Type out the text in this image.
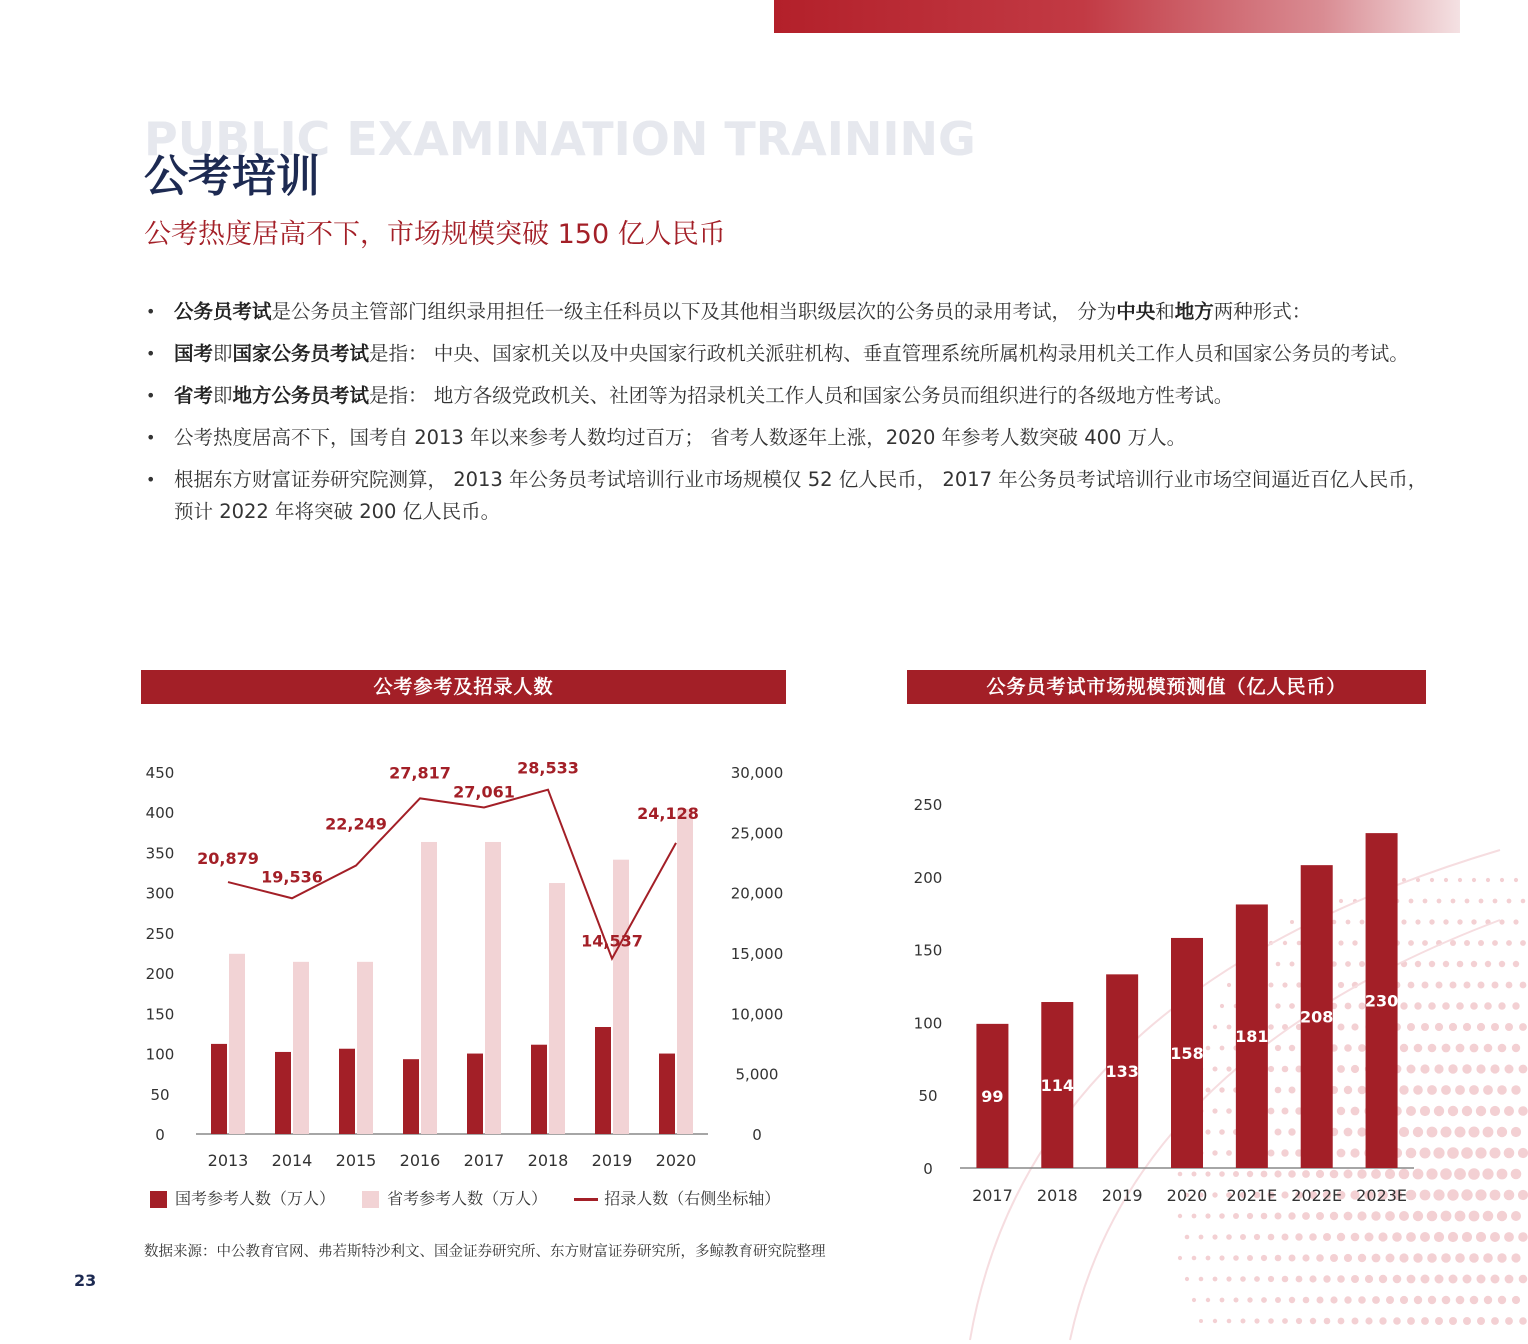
PUBLIC EXAMINATION TRAINING
公考培训
公考热度居高不下，市场规模突破 150 亿人民币
• 公务员考试是公务员主管部门组织录用担任一级主任科员以下及其他相当职级层次的公务员的录用考试， 分为中央和地方两种形式：
• 国考即国家公务员考试是指： 中央、国家机关以及中央国家行政机关派驻机构、垂直管理系统所属机构录用机关工作人员和国家公务员的考试。
• 省考即地方公务员考试是指： 地方各级党政机关、社团等为招录机关工作人员和国家公务员而组织进行的各级地方性考试。
• 公考热度居高不下，国考自 2013 年以来参考人数均过百万； 省考人数逐年上涨，2020 年参考人数突破 400 万人。
• 根据东方财富证券研究院测算， 2013 年公务员考试培训行业市场规模仅 52 亿人民币， 2017 年公务员考试培训行业市场空间逼近百亿人民币，预计 2022 年将突破 200 亿人民币。
公考参考及招录人数
0
50
100
150
200
250
300
350
400
450
0
5,000
10,000
15,000
20,000
25,000
30,000
2013 2014 2015 2016 2017 2018 2019 2020
20,879
19,536
22,249
27,817
27,061
28,533
14,537
24,128
国考参考人数（万人）	省考参考人数（万人）	招录人数（右侧坐标轴）
公务员考试市场规模预测值（亿人民币）
0
50
100
150
200
250
99
2017
114
2018
133
2019
158
2020
181
2021E
208
2022E
230
2023E
数据来源：中公教育官网、弗若斯特沙利文、国金证券研究所、东方财富证券研究所，多鲸教育研究院整理
23
